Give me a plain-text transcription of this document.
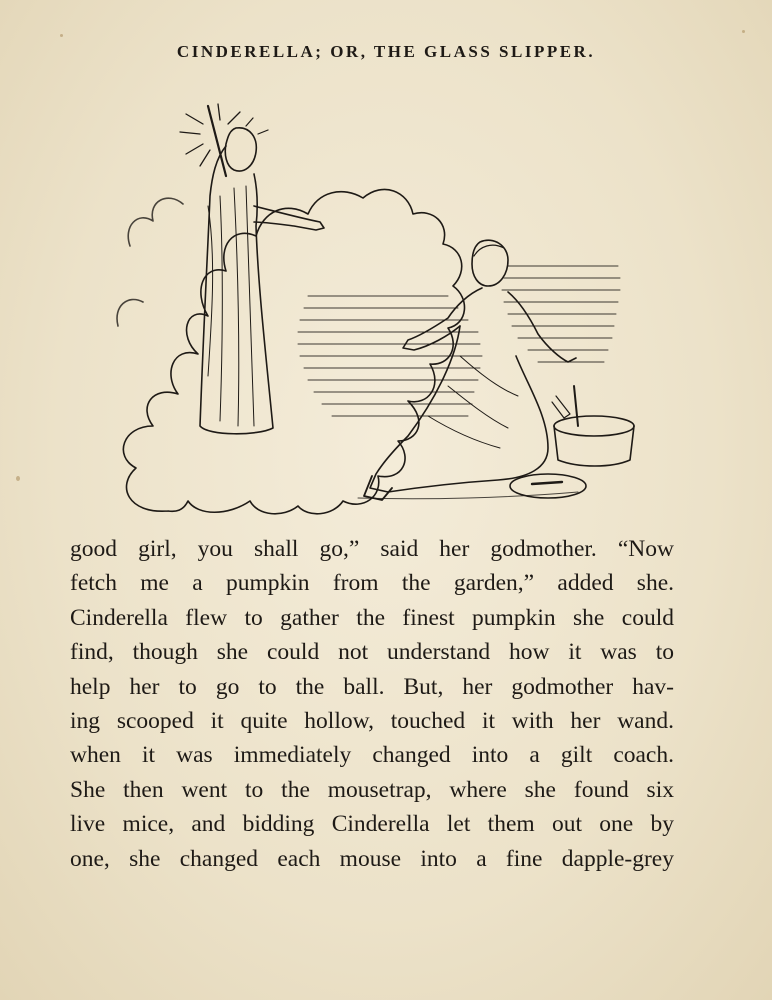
CINDERELLA; OR, THE GLASS SLIPPER.
good girl, you shall go,” said her godmother. “Now
fetch me a pumpkin from the garden,” added she.
Cinderella flew to gather the finest pumpkin she could
find, though she could not understand how it was to
help her to go to the ball. But, her godmother hav-
ing scooped it quite hollow, touched it with her wand.
when it was immediately changed into a gilt coach.
She then went to the mousetrap, where she found six
live mice, and bidding Cinderella let them out one by
one, she changed each mouse into a fine dapple-grey
